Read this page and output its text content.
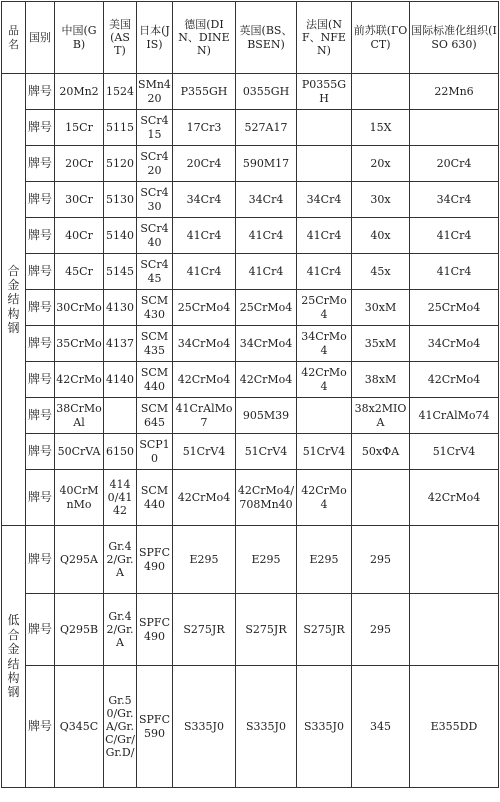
品名	国别	中国(GB)	美国(AST)	日本(JIS)	德国(DIN、DINEN)	英国(BS、BSEN)	法国(NF、NFEN)	前苏联(ГОСТ)	国际标准化组织(ISO 630)
合金结构钢	牌号	20Mn2	1524	SMn420	P355GH	0355GH	P0355GH		22Mn6
	牌号	15Cr	5115	SCr415	17Cr3	527A17		15X	
	牌号	20Cr	5120	SCr420	20Cr4	590M17		20x	20Cr4
	牌号	30Cr	5130	SCr430	34Cr4	34Cr4	34Cr4	30x	34Cr4
	牌号	40Cr	5140	SCr440	41Cr4	41Cr4	41Cr4	40x	41Cr4
	牌号	45Cr	5145	SCr445	41Cr4	41Cr4	41Cr4	45x	41Cr4
	牌号	30CrMo	4130	SCM430	25CrMo4	25CrMo4	25CrMo4	30xM	25CrMo4
	牌号	35CrMo	4137	SCM435	34CrMo4	34CrMo4	34CrMo4	35xM	34CrMo4
	牌号	42CrMo	4140	SCM440	42CrMo4	42CrMo4	42CrMo4	38xM	42CrMo4
	牌号	38CrMoAl		SCM645	41CrAlMo7	905M39		38x2MIOA	41CrAlMo74
	牌号	50CrVA	6150	SCP10	51CrV4	51CrV4	51CrV4	50xФA	51CrV4
	牌号	40CrMnMo	4140/4142	SCM440	42CrMo4	42CrMo4/708Mn40	42CrMo4		42CrMo4
低合金结构钢	牌号	Q295A	Gr.42/Gr.A	SPFC490	E295	E295	E295	295	
	牌号	Q295B	Gr.42/Gr.A	SPFC490	S275JR	S275JR	S275JR	295	
	牌号	Q345C	Gr.50/Gr.A/Gr.C/Gr/Gr.D/	SPFC590	S335J0	S335J0	S335J0	345	E355DD
